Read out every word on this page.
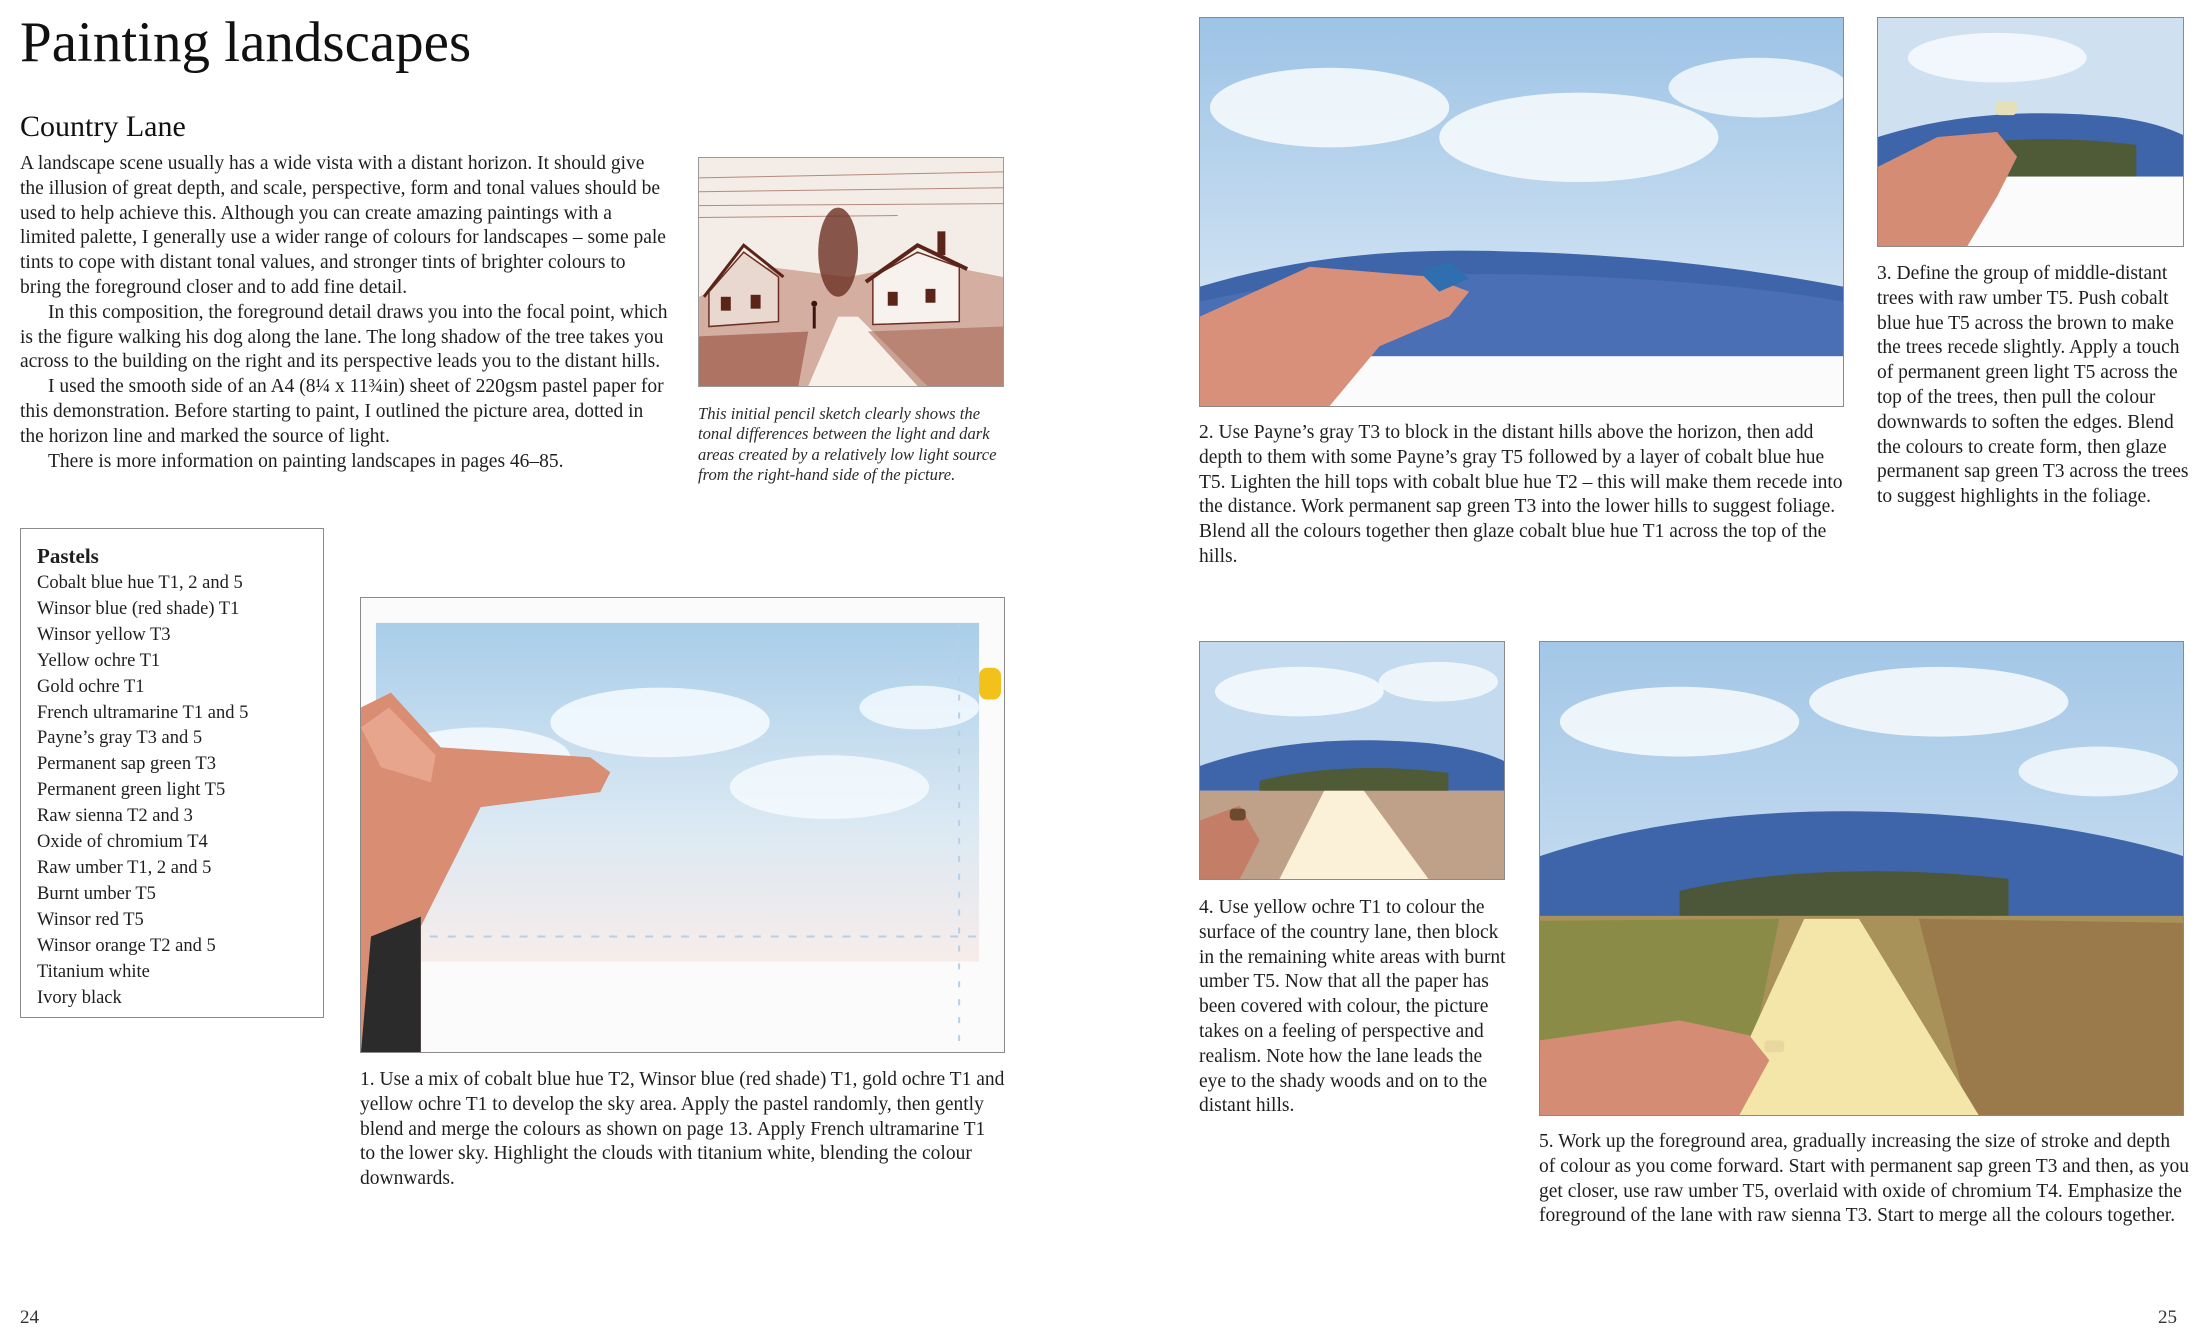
Painting landscapes
Country Lane

A landscape scene usually has a wide vista with a distant horizon. It should give the illusion of great depth, and scale, perspective, form and tonal values should be used to help achieve this. Although you can create amazing paintings with a limited palette, I generally use a wider range of colours for landscapes – some pale tints to cope with distant tonal values, and stronger tints of brighter colours to bring the foreground closer and to add fine detail.

In this composition, the foreground detail draws you into the focal point, which is the figure walking his dog along the lane. The long shadow of the tree takes you across to the building on the right and its perspective leads you to the distant hills.

I used the smooth side of an A4 (8¼ x 11¾in) sheet of 220gsm pastel paper for this demonstration. Before starting to paint, I outlined the picture area, dotted in the horizon line and marked the source of light.

There is more information on painting landscapes in pages 46–85.

This initial pencil sketch clearly shows the tonal differences between the light and dark areas created by a relatively low light source from the right-hand side of the picture.
Pastels
Cobalt blue hue T1, 2 and 5
Winsor blue (red shade) T1
Winsor yellow T3
Yellow ochre T1
Gold ochre T1
French ultramarine T1 and 5
Payne’s gray T3 and 5
Permanent sap green T3
Permanent green light T5
Raw sienna T2 and 3
Oxide of chromium T4
Raw umber T1, 2 and 5
Burnt umber T5
Winsor red T5
Winsor orange T2 and 5
Titanium white
Ivory black
1. Use a mix of cobalt blue hue T2, Winsor blue (red shade) T1, gold ochre T1 and yellow ochre T1 to develop the sky area. Apply the pastel randomly, then gently blend and merge the colours as shown on page 13. Apply French ultramarine T1 to the lower sky. Highlight the clouds with titanium white, blending the colour downwards.
24
2. Use Payne’s gray T3 to block in the distant hills above the horizon, then add depth to them with some Payne’s gray T5 followed by a layer of cobalt blue hue T5. Lighten the hill tops with cobalt blue hue T2 – this will make them recede into the distance. Work permanent sap green T3 into the lower hills to suggest foliage. Blend all the colours together then glaze cobalt blue hue T1 across the top of the hills.
3. Define the group of middle-distant trees with raw umber T5. Push cobalt blue hue T5 across the brown to make the trees recede slightly. Apply a touch of permanent green light T5 across the top of the trees, then pull the colour downwards to soften the edges. Blend the colours to create form, then glaze permanent sap green T3 across the trees to suggest highlights in the foliage.
4. Use yellow ochre T1 to colour the surface of the country lane, then block in the remaining white areas with burnt umber T5. Now that all the paper has been covered with colour, the picture takes on a feeling of perspective and realism. Note how the lane leads the eye to the shady woods and on to the distant hills.
5. Work up the foreground area, gradually increasing the size of stroke and depth of colour as you come forward. Start with permanent sap green T3 and then, as you get closer, use raw umber T5, overlaid with oxide of chromium T4. Emphasize the foreground of the lane with raw sienna T3. Start to merge all the colours together.
25
